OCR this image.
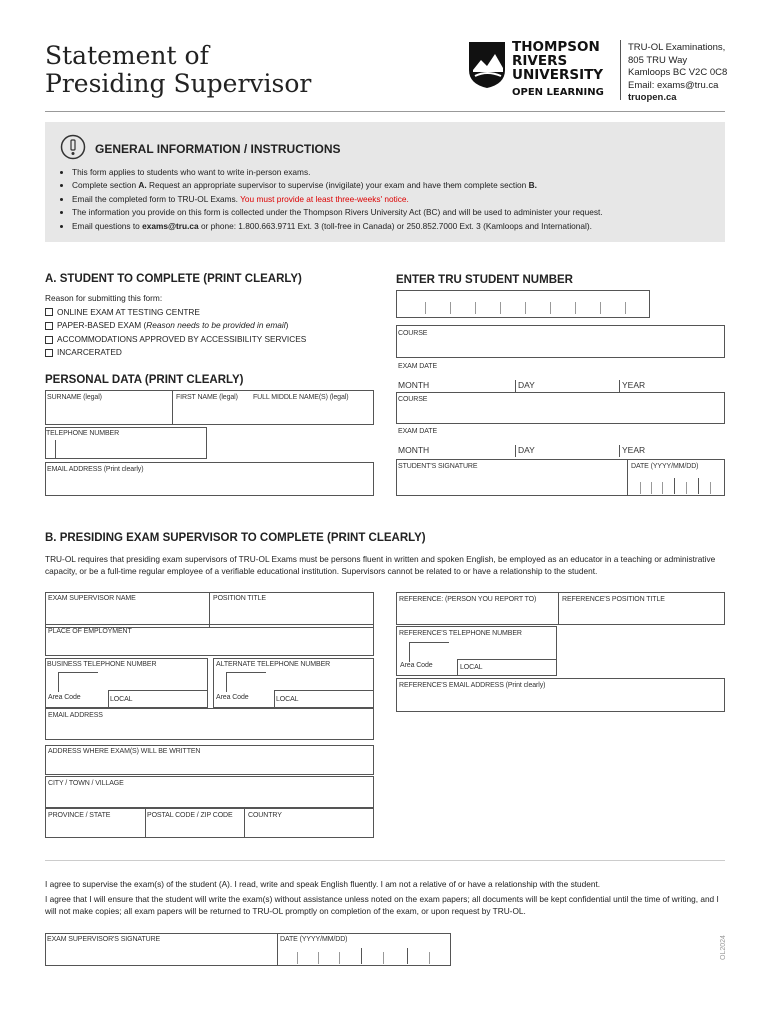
Statement of
Presiding Supervisor
THOMPSON
RIVERS
UNIVERSITY
OPEN LEARNING
TRU-OL Examinations,
805 TRU Way
Kamloops BC V2C 0C8
Email: exams@tru.ca
truopen.ca
GENERAL INFORMATION / INSTRUCTIONS
• This form applies to students who want to write in-person exams.
• Complete section A. Request an appropriate supervisor to supervise (invigilate) your exam and have them complete section B.
• Email the completed form to TRU-OL Exams. You must provide at least three-weeks' notice.
• The information you provide on this form is collected under the Thompson Rivers University Act (BC) and will be used to administer your request.
• Email questions to exams@tru.ca or phone: 1.800.663.9711 Ext. 3 (toll-free in Canada) or 250.852.7000 Ext. 3 (Kamloops and International).
A. STUDENT TO COMPLETE (PRINT CLEARLY)
Reason for submitting this form:
ONLINE EXAM AT TESTING CENTRE
PAPER-BASED EXAM (Reason needs to be provided in email)
ACCOMMODATIONS APPROVED BY ACCESSIBILITY SERVICES
INCARCERATED
PERSONAL DATA (PRINT CLEARLY)
SURNAME (legal)	FIRST NAME (legal) FULL MIDDLE NAME(S) (legal)
TELEPHONE NUMBER
EMAIL ADDRESS (Print clearly)
ENTER TRU STUDENT NUMBER
COURSE
EXAM DATE
MONTH	DAY	YEAR
COURSE
EXAM DATE
MONTH	DAY	YEAR
STUDENT'S SIGNATURE	DATE (YYYY/MM/DD)
B. PRESIDING EXAM SUPERVISOR TO COMPLETE (PRINT CLEARLY)

TRU-OL requires that presiding exam supervisors of TRU-OL Exams must be persons fluent in written and spoken English, be employed as an educator in a teaching or administrative capacity, or be a full-time regular employee of a verifiable educational institution. Supervisors cannot be related to or have a relationship to the student.

EXAM SUPERVISOR NAME	POSITION TITLE
PLACE OF EMPLOYMENT
BUSINESS TELEPHONE NUMBER
Area Code	LOCAL
ALTERNATE TELEPHONE NUMBER
Area Code	LOCAL
EMAIL ADDRESS
ADDRESS WHERE EXAM(S) WILL BE WRITTEN
CITY / TOWN / VILLAGE
PROVINCE / STATE	POSTAL CODE / ZIP CODE COUNTRY
REFERENCE: (PERSON YOU REPORT TO)	REFERENCE'S POSITION TITLE
REFERENCE'S TELEPHONE NUMBER
Area Code	LOCAL
REFERENCE'S EMAIL ADDRESS (Print clearly)

I agree to supervise the exam(s) of the student (A). I read, write and speak English fluently. I am not a relative of or have a relationship with the student.

I agree that I will ensure that the student will write the exam(s) without assistance unless noted on the exam papers; all documents will be kept confidential until the time of writing, and I will not make copies; all exam papers will be returned to TRU-OL promptly on completion of the exam, or upon request by TRU-OL.

EXAM SUPERVISOR'S SIGNATURE	DATE (YYYY/MM/DD)	OL2024
